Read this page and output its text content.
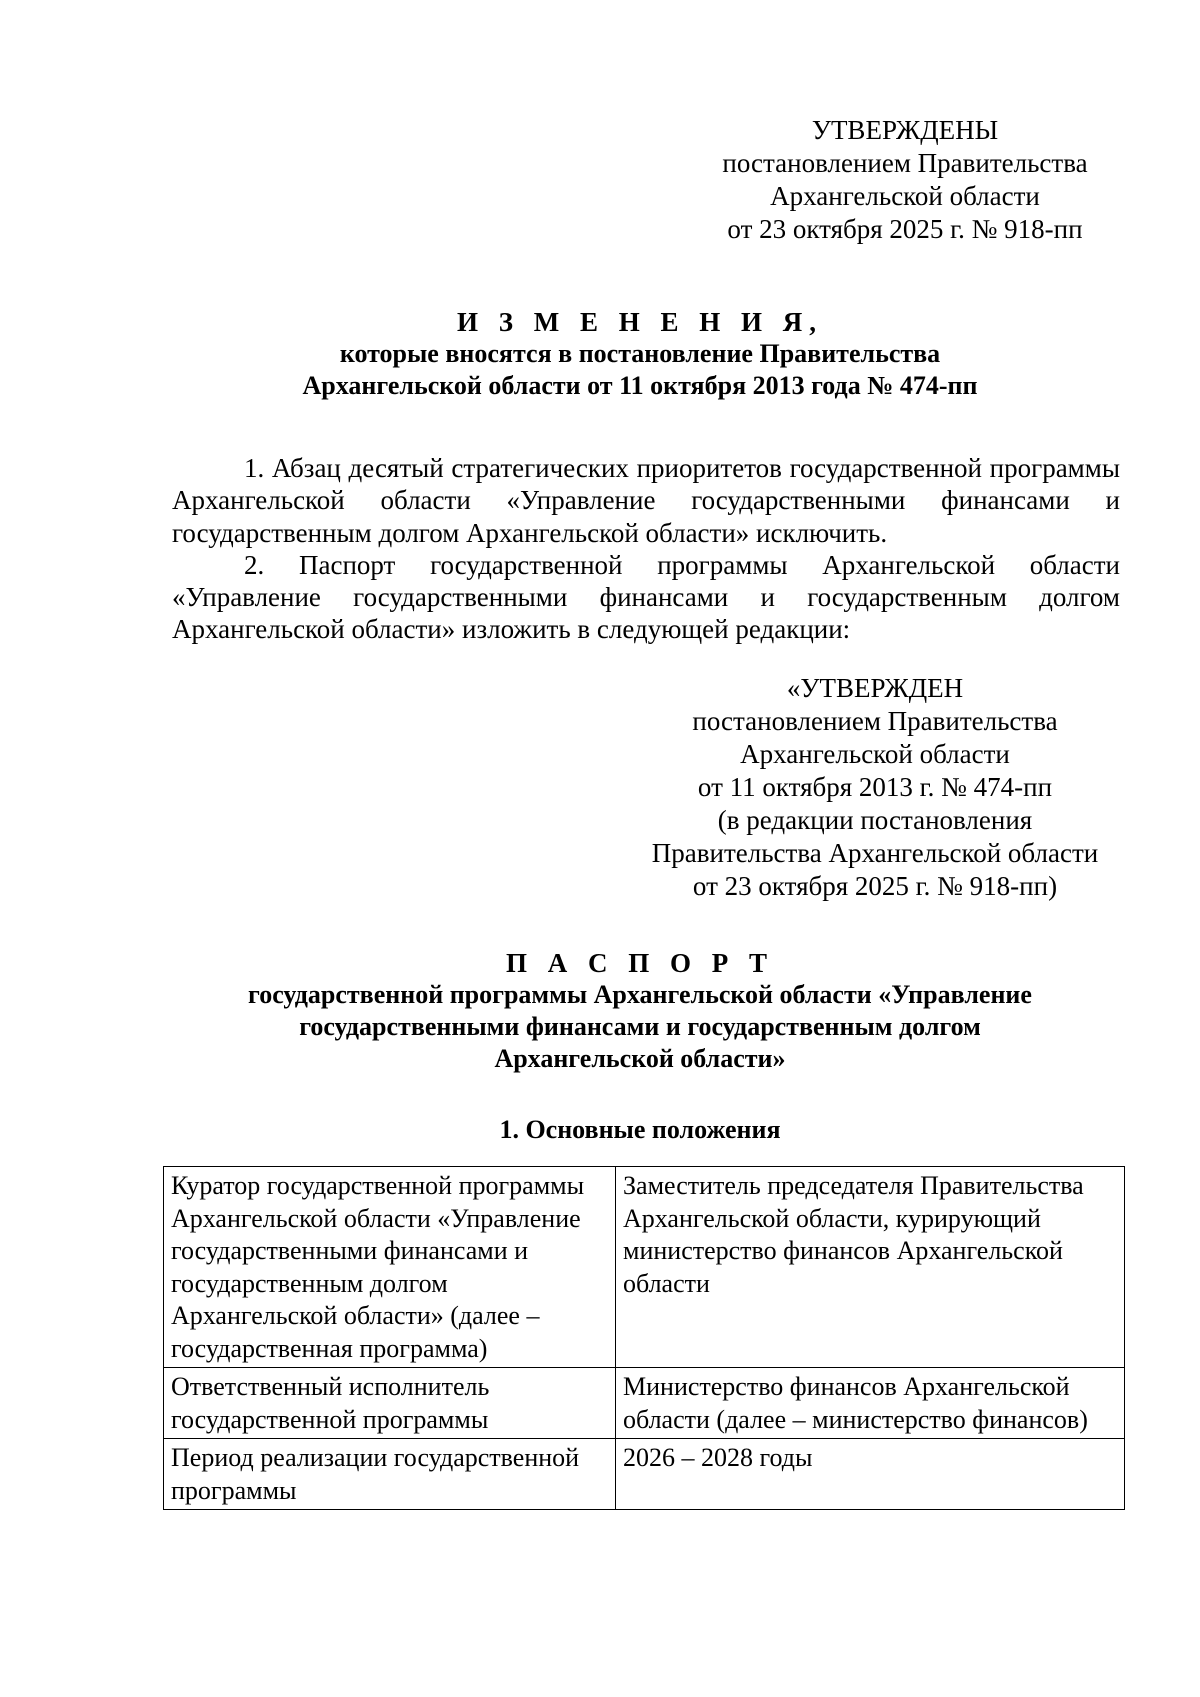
УТВЕРЖДЕНЫ
постановлением Правительства
Архангельской области
от 23 октября 2025 г. № 918-пп
И З М Е Н Е Н И Я,
которые вносятся в постановление Правительства
Архангельской области от 11 октября 2013 года № 474-пп

1. Абзац десятый стратегических приоритетов государственной программы Архангельской области «Управление государственными финансами и государственным долгом Архангельской области» исключить.

2. Паспорт государственной программы Архангельской области «Управление государственными финансами и государственным долгом Архангельской области» изложить в следующей редакции:

«УТВЕРЖДЕН
постановлением Правительства
Архангельской области
от 11 октября 2013 г. № 474-пп
(в редакции постановления
Правительства Архангельской области
от 23 октября 2025 г. № 918-пп)
П А С П О Р Т
государственной программы Архангельской области «Управление
государственными финансами и государственным долгом
Архангельской области»
1. Основные положения
Куратор государственной программы Архангельской области «Управление государственными финансами и государственным долгом Архангельской области» (далее – государственная программа)	Заместитель председателя Правительства Архангельской области, курирующий министерство финансов Архангельской области
Ответственный исполнитель государственной программы	Министерство финансов Архангельской области (далее – министерство финансов)
Период реализации государственной программы	2026 – 2028 годы
